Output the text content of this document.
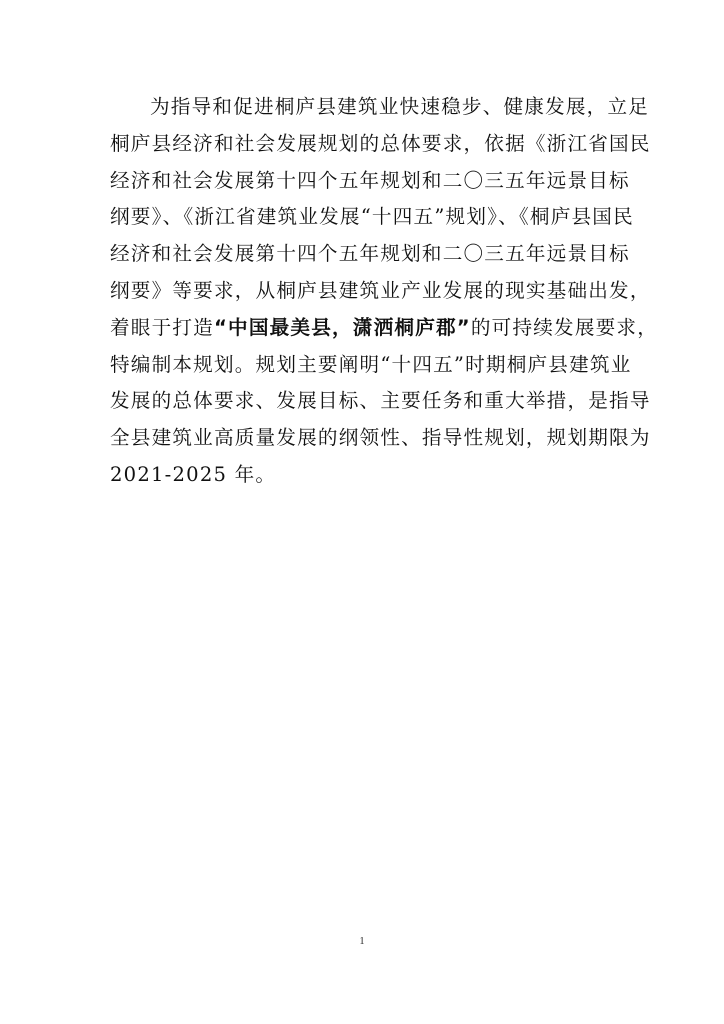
为指导和促进桐庐县建筑业快速稳步、健康发展，立足
桐庐县经济和社会发展规划的总体要求，依据《浙江省国民
经济和社会发展第十四个五年规划和二〇三五年远景目标
纲要》、《浙江省建筑业发展“十四五”规划》、《桐庐县国民
经济和社会发展第十四个五年规划和二〇三五年远景目标
纲要》等要求，从桐庐县建筑业产业发展的现实基础出发，
着眼于打造“中国最美县，潇洒桐庐郡”的可持续发展要求，
特编制本规划。规划主要阐明“十四五”时期桐庐县建筑业
发展的总体要求、发展目标、主要任务和重大举措，是指导
全县建筑业高质量发展的纲领性、指导性规划，规划期限为
2021-2025 年。
1
